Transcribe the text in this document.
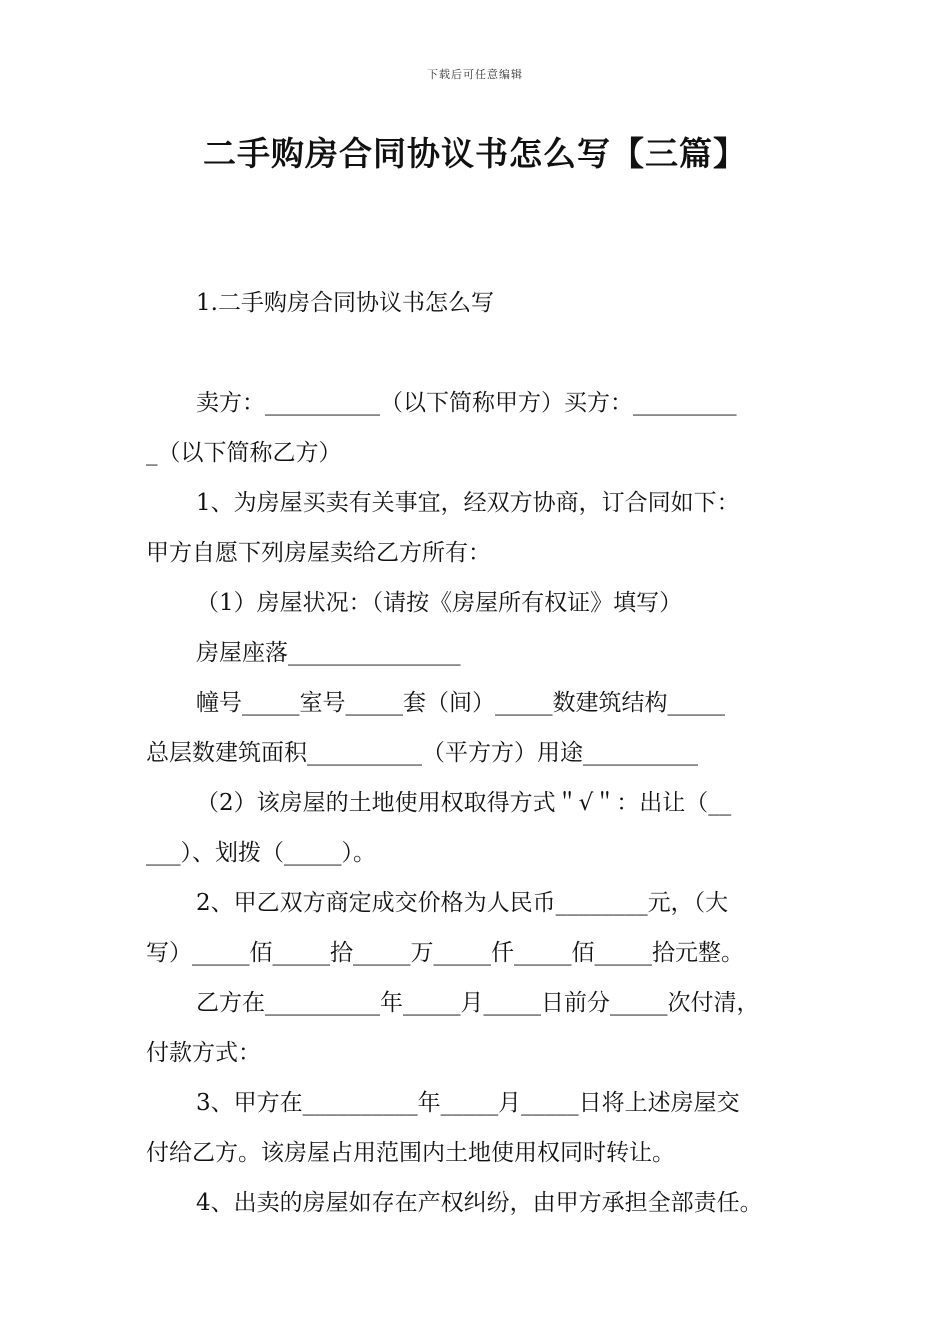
下载后可任意编辑
二手购房合同协议书怎么写【三篇】
1.二手购房合同协议书怎么写
卖方：__________（以下简称甲方）买方：_________
_（以下简称乙方）
1、为房屋买卖有关事宜，经双方协商，订合同如下：
甲方自愿下列房屋卖给乙方所有：
（1）房屋状况：（请按《房屋所有权证》填写）
房屋座落_______________
幢号_____室号_____套（间）_____数建筑结构_____
总层数建筑面积__________（平方方）用途__________
（2）该房屋的土地使用权取得方式＂√＂：出让（__
___）、划拨（_____）。
2、甲乙双方商定成交价格为人民币________元，（大
写）_____佰_____拾_____万_____仟_____佰_____拾元整。
乙方在__________年_____月_____日前分_____次付清，
付款方式：
3、甲方在__________年_____月_____日将上述房屋交
付给乙方。该房屋占用范围内土地使用权同时转让。
4、出卖的房屋如存在产权纠纷，由甲方承担全部责任。
